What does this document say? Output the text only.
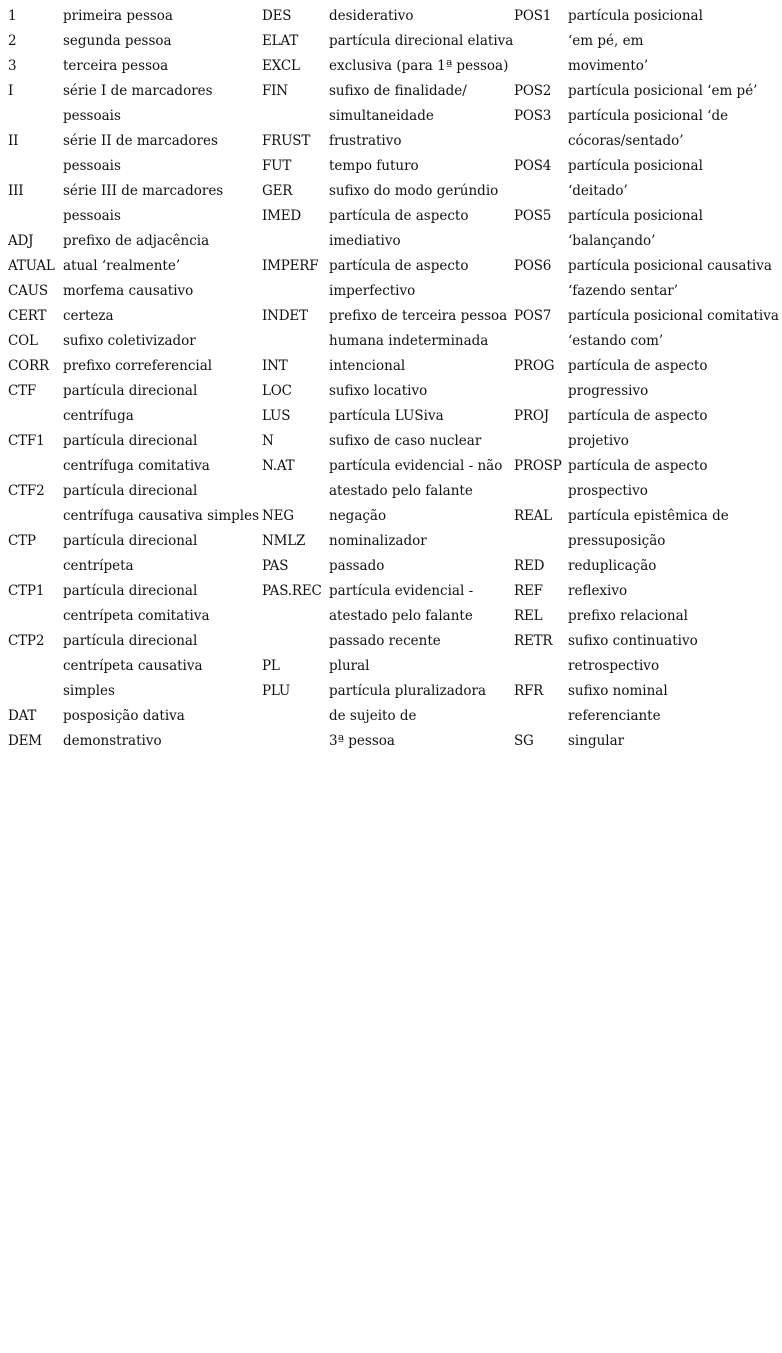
1	primeira pessoa
2	segunda pessoa
3	terceira pessoa
I	série I de marcadores
pessoais
II	série II de marcadores
pessoais
III	série III de marcadores
pessoais
ADJ prefixo de adjacência
ATUAL atual ‘realmente’
CAUS morfema causativo
CERT certeza
COL sufixo coletivizador
CORR prefixo correferencial
CTF partícula direcional
centrífuga
CTF1 partícula direcional
centrífuga comitativa
CTF2 partícula direcional
centrífuga causativa simples
CTP partícula direcional
centrípeta
CTP1 partícula direcional
centrípeta comitativa
CTP2 partícula direcional
centrípeta causativa
simples
DAT posposição dativa
DEM demonstrativo
DES	desiderativo
ELAT partícula direcional elativa
EXCL exclusiva (para 1ª pessoa)
FIN	sufixo de finalidade/
simultaneidade
FRUST frustrativo
FUT	tempo futuro
GER	sufixo do modo gerúndio
IMED partícula de aspecto
imediativo
IMPERF partícula de aspecto
imperfectivo
INDET prefixo de terceira pessoa
humana indeterminada
INT	intencional
LOC	sufixo locativo
LUS	partícula LUSiva
N	sufixo de caso nuclear
N.AT	partícula evidencial - não
atestado pelo falante
NEG	negação
NMLZ nominalizador
PAS	passado
PAS.REC partícula evidencial -
atestado pelo falante
passado recente
PL	plural
PLU	partícula pluralizadora
de sujeito de
3ª pessoa
POS1 partícula posicional
‘em pé, em
movimento’
POS2 partícula posicional ‘em pé’
POS3 partícula posicional ‘de
cócoras/sentado’
POS4 partícula posicional
‘deitado’
POS5 partícula posicional
‘balançando’
POS6 partícula posicional causativa
‘fazendo sentar’
POS7 partícula posicional comitativa
‘estando com’
PROG partícula de aspecto
progressivo
PROJ partícula de aspecto
projetivo
PROSP partícula de aspecto
prospectivo
REAL partícula epistêmica de
pressuposição
RED reduplicação
REF reflexivo
REL prefixo relacional
RETR sufixo continuativo
retrospectivo
RFR sufixo nominal
referenciante
SG	singular
